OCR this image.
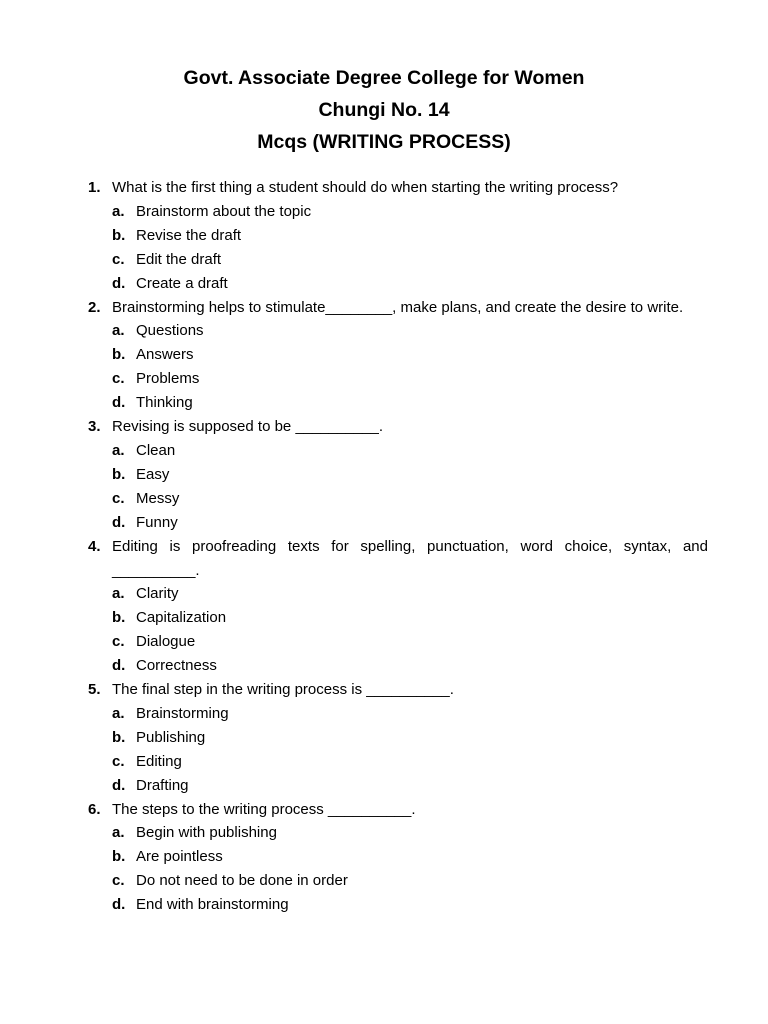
Govt. Associate Degree College for Women
Chungi No. 14
Mcqs (WRITING PROCESS)
1. What is the first thing a student should do when starting the writing process?
a. Brainstorm about the topic
b. Revise the draft
c. Edit the draft
d. Create a draft
2. Brainstorming helps to stimulate________, make plans, and create the desire to write.
a. Questions
b. Answers
c. Problems
d. Thinking
3. Revising is supposed to be __________.
a. Clean
b. Easy
c. Messy
d. Funny
4. Editing is proofreading texts for spelling, punctuation, word choice, syntax, and __________.
a. Clarity
b. Capitalization
c. Dialogue
d. Correctness
5. The final step in the writing process is __________.
a. Brainstorming
b. Publishing
c. Editing
d. Drafting
6. The steps to the writing process __________.
a. Begin with publishing
b. Are pointless
c. Do not need to be done in order
d. End with brainstorming
